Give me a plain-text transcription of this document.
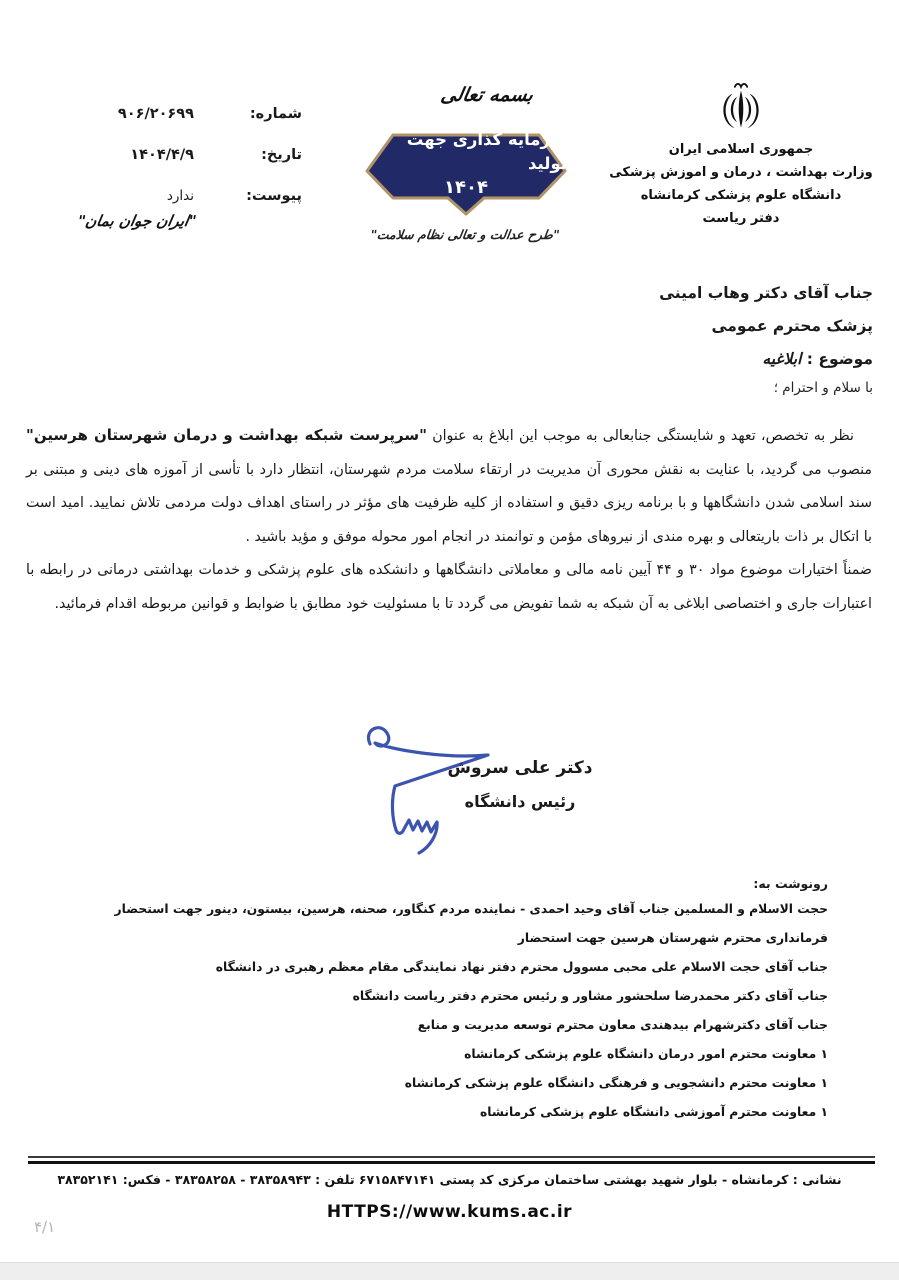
جمهوری اسلامی ایران
وزارت بهداشت ، درمان و اموزش پزشکی
دانشگاه علوم پزشکی کرمانشاه
دفتر ریاست
بسمه تعالی
سرمایه گذاری جهت تولید
۱۴۰۴
"طرح عدالت و تعالی نظام سلامت"
شماره:
۹۰۶/۲۰۶۹۹
تاریخ:
۱۴۰۴/۴/۹
پیوست:
ندارد
"ایران جوان بمان"
جناب آقای دکتر وهاب امینی
پزشک محترم عمومی
موضوع : ابلاغیه
با سلام و احترام ؛

نظر به تخصص، تعهد و شایستگی جنابعالی به موجب این ابلاغ به عنوان "سرپرست شبکه بهداشت و درمان شهرستان هرسین" منصوب می گردید، با عنایت به نقش محوری آن مدیریت در ارتقاء سلامت مردم شهرستان، انتظار دارد با تأسی از آموزه های دینی و مبتنی بر سند اسلامی شدن دانشگاهها و با برنامه ریزی دقیق و استفاده از کلیه ظرفیت های مؤثر در راستای اهداف دولت مردمی تلاش نمایید. امید است با اتکال بر ذات باریتعالی و بهره مندی از نیروهای مؤمن و توانمند در انجام امور محوله موفق و مؤید باشید .

ضمناً اختیارات موضوع مواد ۳۰ و ۴۴ آیین نامه مالی و معاملاتی دانشگاهها و دانشکده های علوم پزشکی و خدمات بهداشتی درمانی در رابطه با اعتبارات جاری و اختصاصی ابلاغی به آن شبکه به شما تفویض می گردد تا با مسئولیت خود مطابق با ضوابط و قوانین مربوطه اقدام فرمائید.

دکتر علی سروش
رئیس دانشگاه
رونوشت به:
حجت الاسلام و المسلمین جناب آقای وحید احمدی - نماینده مردم کنگاور، صحنه، هرسین، بیستون، دینور جهت استحضار
فرمانداری محترم شهرستان هرسین جهت استحضار
جناب آقای حجت الاسلام علی محبی مسوول محترم دفتر نهاد نمایندگی مقام معظم رهبری در دانشگاه
جناب آقای دکتر محمدرضا سلحشور مشاور و رئیس محترم دفتر ریاست دانشگاه
جناب آقای دکترشهرام بیدهندی معاون محترم توسعه مدیریت و منابع
۱ معاونت محترم امور درمان دانشگاه علوم پزشکی کرمانشاه
۱ معاونت محترم دانشجویی و فرهنگی دانشگاه علوم پزشکی کرمانشاه
۱ معاونت محترم آموزشی دانشگاه علوم پزشکی کرمانشاه
نشانی : کرمانشاه - بلوار شهید بهشتی ساختمان مرکزی کد پستی ۶۷۱۵۸۴۷۱۴۱ تلفن : ۳۸۳۵۸۹۴۳ - ۳۸۳۵۸۲۵۸ - فکس: ۳۸۳۵۲۱۴۱
HTTPS://www.kums.ac.ir
۴/۱
